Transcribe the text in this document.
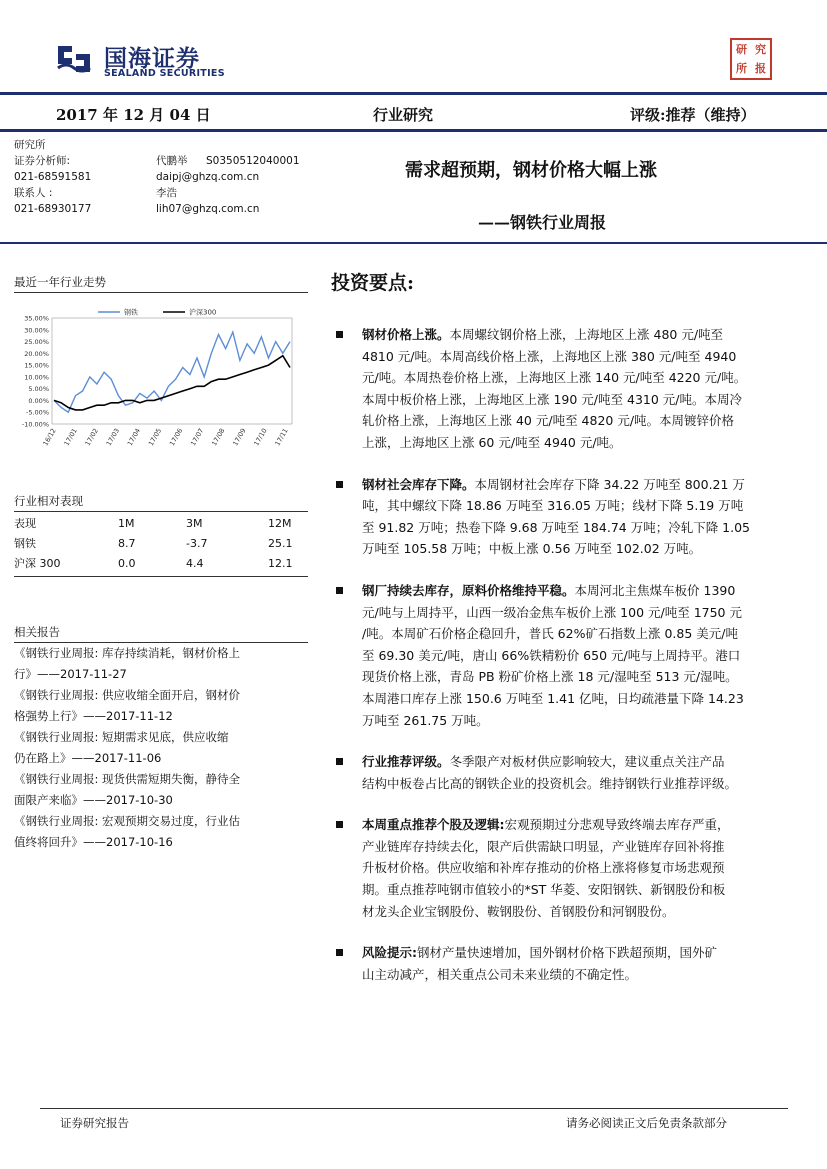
国海证券
SEALAND SECURITIES
研 究
所 报
2017 年 12 月 04 日	行业研究	评级:推荐（维持）
研究所
证券分析师:	代鹏举 S0350512040001
021-68591581	daipj@ghzq.com.cn
联系人 :	李浩
021-68930177	lih07@ghzq.com.cn
需求超预期，钢材价格大幅上涨
——钢铁行业周报
最近一年行业走势
35.00%
30.00%
25.00%
20.00%
15.00%
10.00%
5.00%
0.00%
-5.00%
-10.00%
16/12 17/01 17/02 17/03 17/04 17/05 17/06 17/07 17/08 17/09 17/10 17/11
钢铁	沪深300
行业相对表现
表现	1M	3M	12M
钢铁	8.7	-3.7	25.1
沪深 300	0.0	4.4	12.1
相关报告
《钢铁行业周报: 库存持续消耗，钢材价格上
行》——2017-11-27
《钢铁行业周报: 供应收缩全面开启，钢材价
格强势上行》——2017-11-12
《钢铁行业周报: 短期需求见底，供应收缩
仍在路上》——2017-11-06
《钢铁行业周报: 现货供需短期失衡，静待全
面限产来临》——2017-10-30
《钢铁行业周报: 宏观预期交易过度，行业估
值终将回升》——2017-10-16
投资要点:
钢材价格上涨。本周螺纹钢价格上涨，上海地区上涨 480 元/吨至
4810 元/吨。本周高线价格上涨，上海地区上涨 380 元/吨至 4940
元/吨。本周热卷价格上涨，上海地区上涨 140 元/吨至 4220 元/吨。
本周中板价格上涨，上海地区上涨 190 元/吨至 4310 元/吨。本周冷
轧价格上涨，上海地区上涨 40 元/吨至 4820 元/吨。本周镀锌价格
上涨，上海地区上涨 60 元/吨至 4940 元/吨。
钢材社会库存下降。本周钢材社会库存下降 34.22 万吨至 800.21 万
吨，其中螺纹下降 18.86 万吨至 316.05 万吨；线材下降 5.19 万吨
至 91.82 万吨；热卷下降 9.68 万吨至 184.74 万吨；冷轧下降 1.05
万吨至 105.58 万吨；中板上涨 0.56 万吨至 102.02 万吨。
钢厂持续去库存，原料价格维持平稳。本周河北主焦煤车板价 1390
元/吨与上周持平，山西一级冶金焦车板价上涨 100 元/吨至 1750 元
/吨。本周矿石价格企稳回升，普氏 62%矿石指数上涨 0.85 美元/吨
至 69.30 美元/吨，唐山 66%铁精粉价 650 元/吨与上周持平。港口
现货价格上涨，青岛 PB 粉矿价格上涨 18 元/湿吨至 513 元/湿吨。
本周港口库存上涨 150.6 万吨至 1.41 亿吨，日均疏港量下降 14.23
万吨至 261.75 万吨。
行业推荐评级。冬季限产对板材供应影响较大，建议重点关注产品
结构中板卷占比高的钢铁企业的投资机会。维持钢铁行业推荐评级。
本周重点推荐个股及逻辑:宏观预期过分悲观导致终端去库存严重，
产业链库存持续去化，限产后供需缺口明显，产业链库存回补将推
升板材价格。供应收缩和补库存推动的价格上涨将修复市场悲观预
期。重点推荐吨钢市值较小的*ST 华菱、安阳钢铁、新钢股份和板
材龙头企业宝钢股份、鞍钢股份、首钢股份和河钢股份。
风险提示:钢材产量快速增加，国外钢材价格下跌超预期，国外矿
山主动减产，相关重点公司未来业绩的不确定性。
证券研究报告	请务必阅读正文后免责条款部分
